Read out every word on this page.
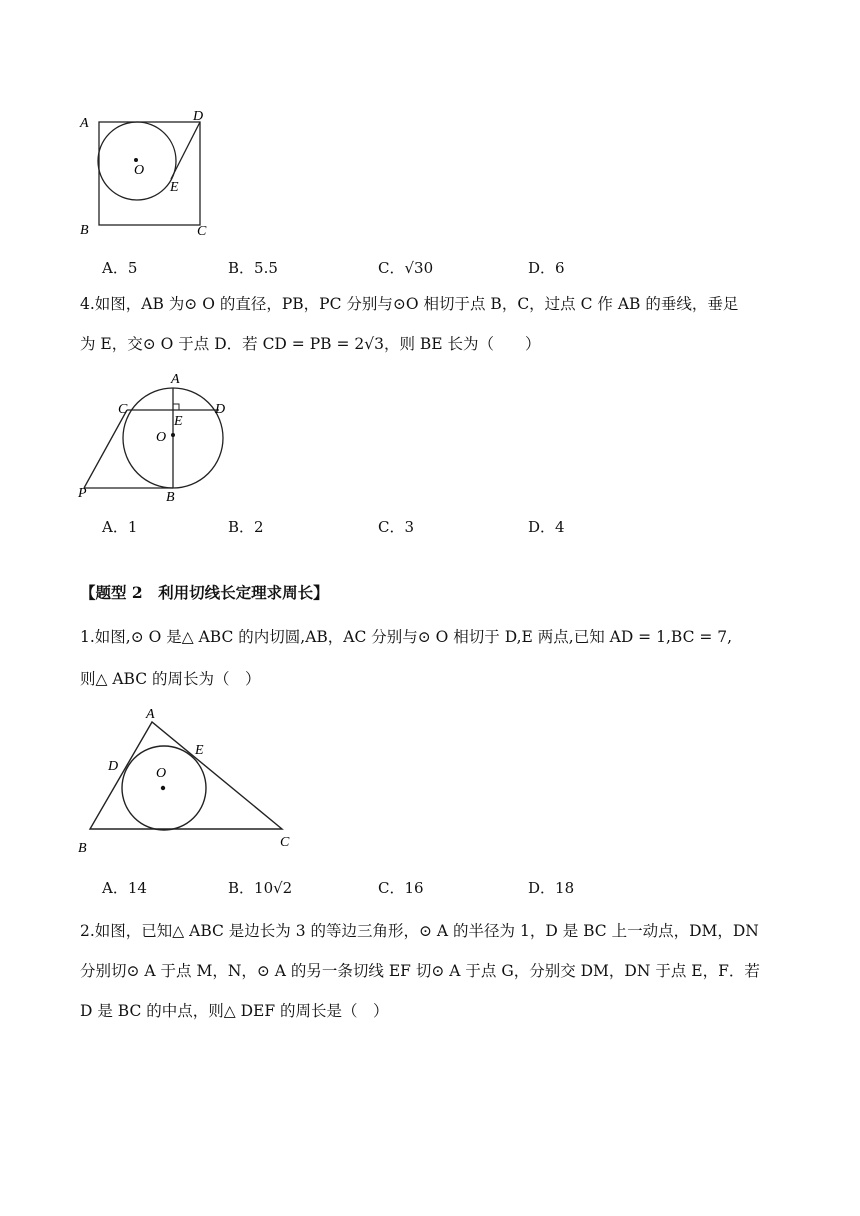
A
B	C
D
E
O
A．5	B．5.5	C．√30	D．6
4.如图，AB 为⊙ O 的直径，PB，PC 分别与⊙O 相切于点 B，C，过点 C 作 AB 的垂线，垂足
为 E，交⊙ O 于点 D．若 CD = PB = 2√3，则 BE 长为（　　）
A
B
C	D
E
O
P
A．1	B．2	C．3	D．4
【题型 2　利用切线长定理求周长】
1.如图,⊙ O 是△ ABC 的内切圆,AB，AC 分别与⊙ O 相切于 D,E 两点,已知 AD = 1,BC = 7,
则△ ABC 的周长为（　）
A
B	C
D
E
O
A．14	B．10√2	C．16	D．18
2.如图，已知△ ABC 是边长为 3 的等边三角形，⊙ A 的半径为 1，D 是 BC 上一动点，DM，DN
分别切⊙ A 于点 M，N，⊙ A 的另一条切线 EF 切⊙ A 于点 G，分别交 DM，DN 于点 E，F．若
D 是 BC 的中点，则△ DEF 的周长是（　）
